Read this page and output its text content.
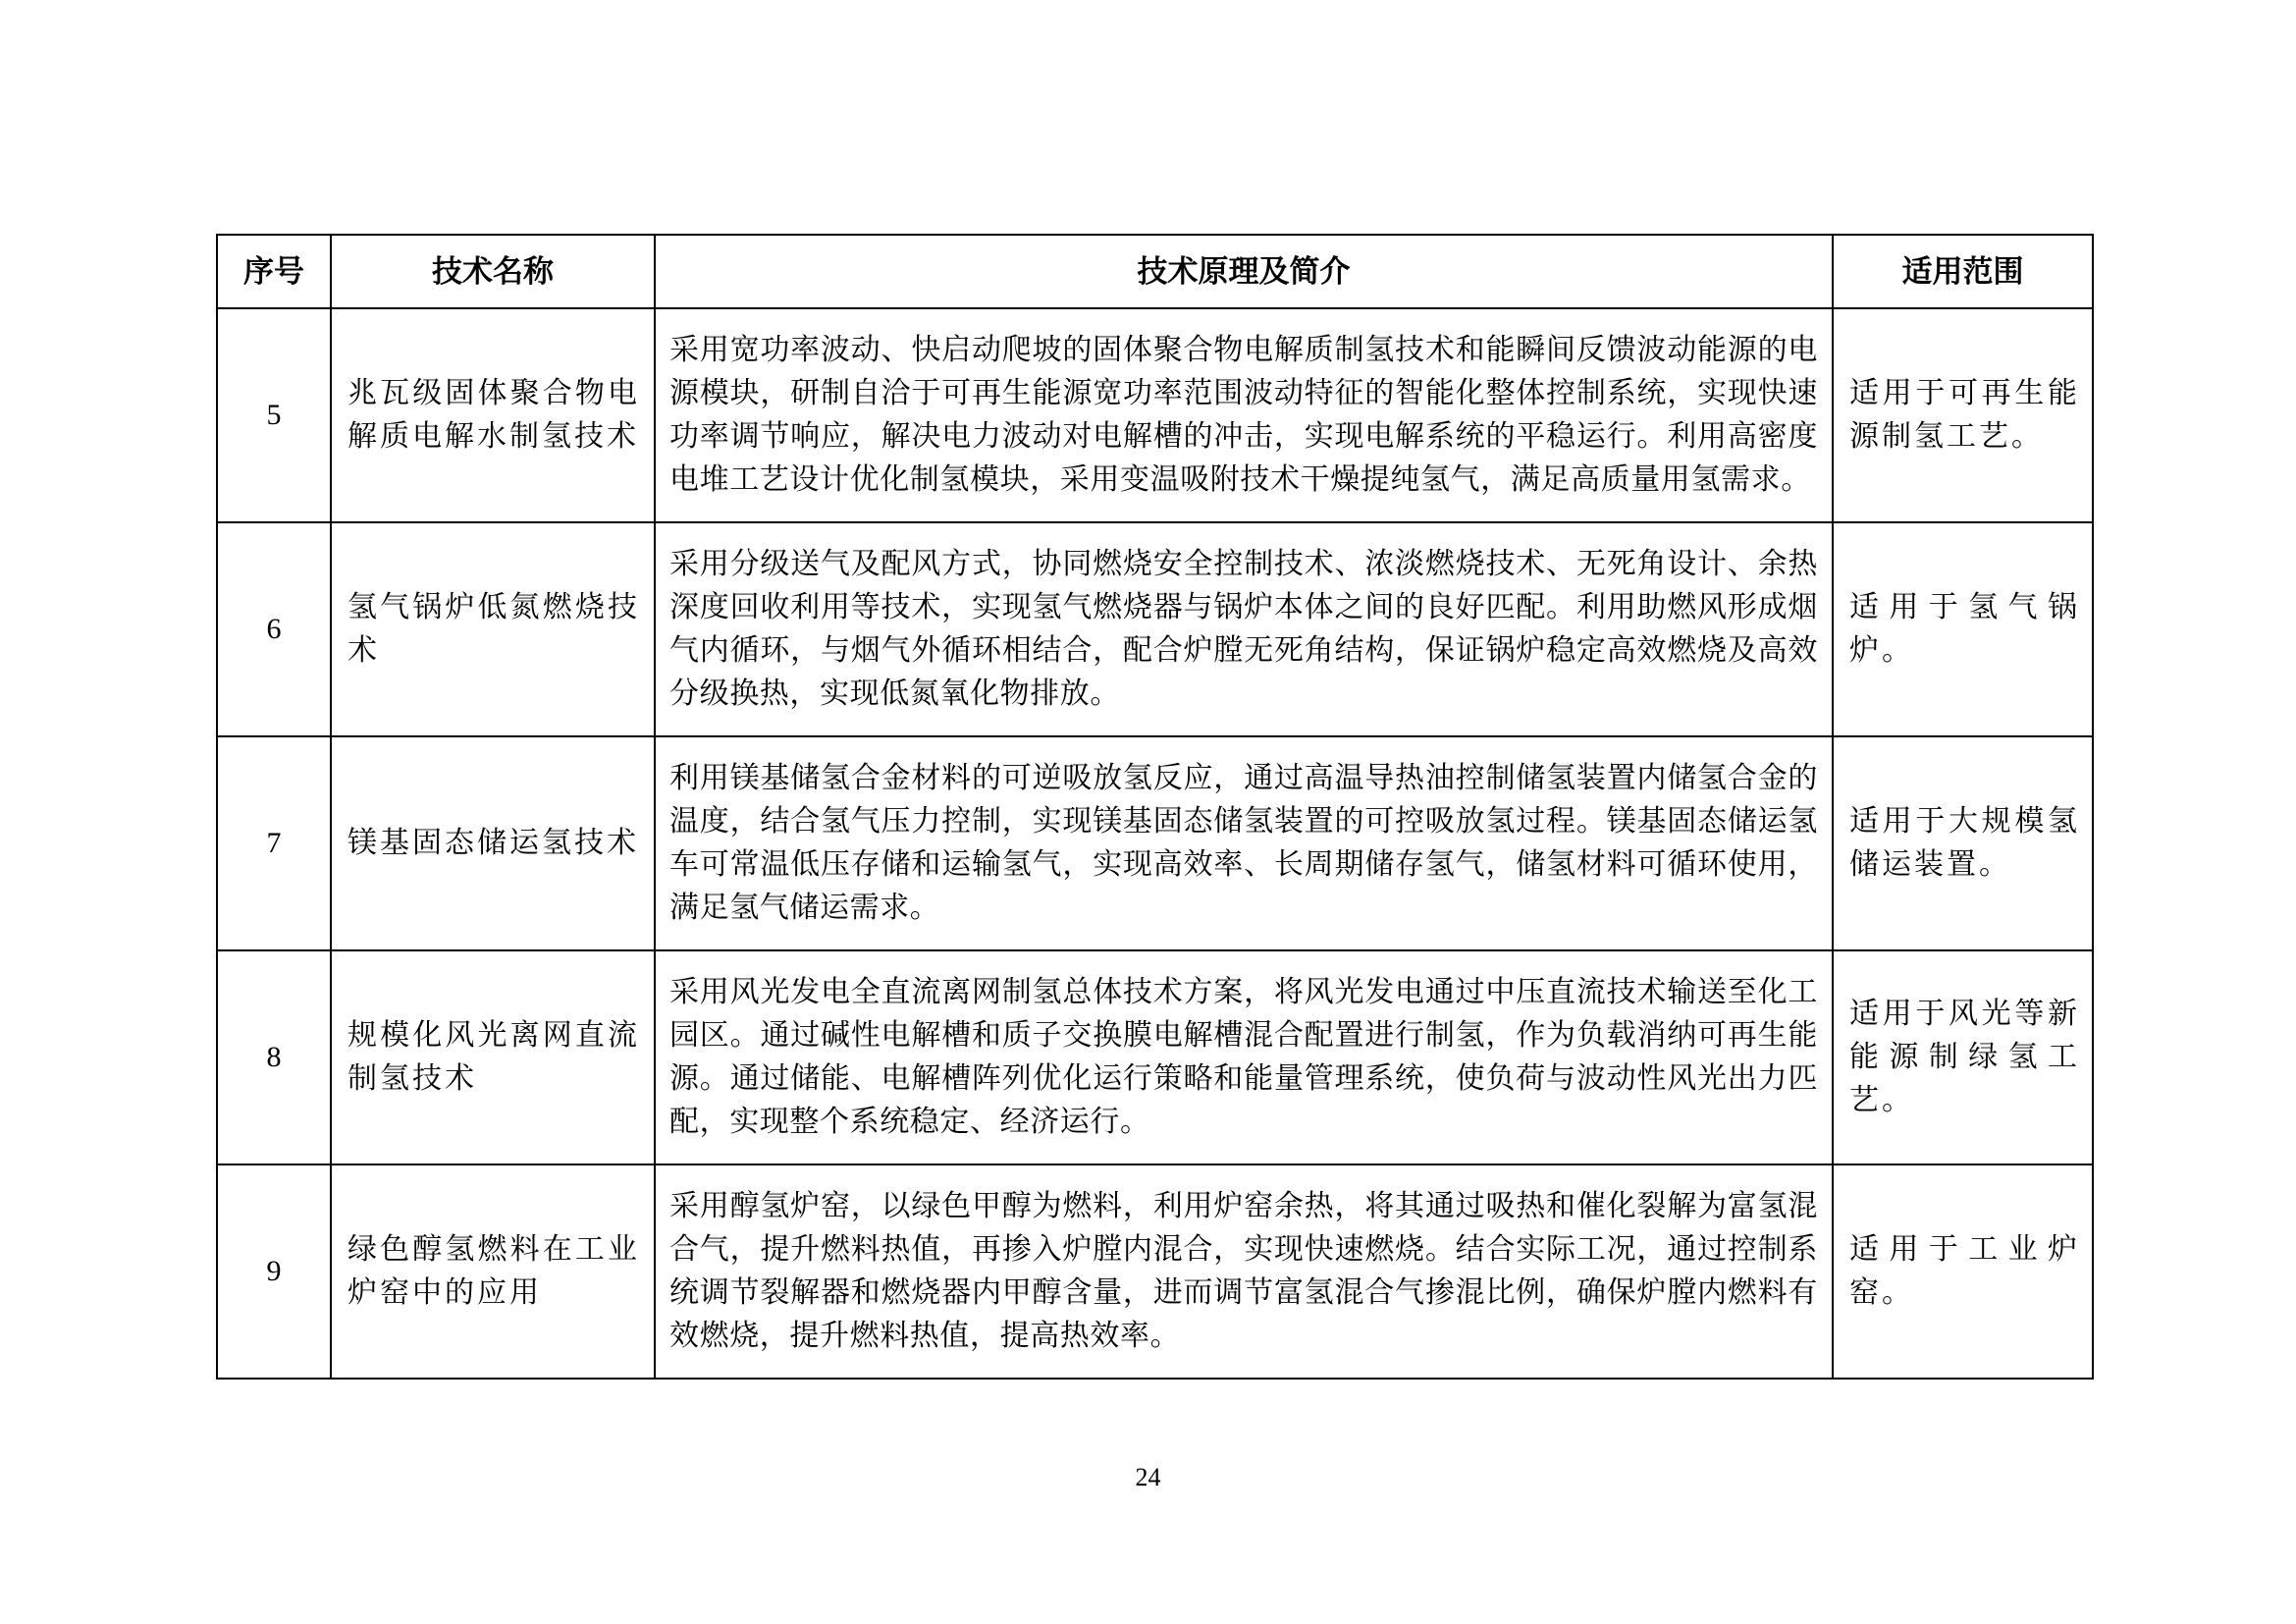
序号	技术名称	技术原理及简介	适用范围
5	兆瓦级固体聚合物电解质电解水制氢技术	采用宽功率波动、快启动爬坡的固体聚合物电解质制氢技术和能瞬间反馈波动能源的电源模块，研制自洽于可再生能源宽功率范围波动特征的智能化整体控制系统，实现快速功率调节响应，解决电力波动对电解槽的冲击，实现电解系统的平稳运行。利用高密度电堆工艺设计优化制氢模块，采用变温吸附技术干燥提纯氢气，满足高质量用氢需求。	适用于可再生能源制氢工艺。
6	氢气锅炉低氮燃烧技术	采用分级送气及配风方式，协同燃烧安全控制技术、浓淡燃烧技术、无死角设计、余热深度回收利用等技术，实现氢气燃烧器与锅炉本体之间的良好匹配。利用助燃风形成烟气内循环，与烟气外循环相结合，配合炉膛无死角结构，保证锅炉稳定高效燃烧及高效分级换热，实现低氮氧化物排放。	适用于氢气锅炉。
7	镁基固态储运氢技术	利用镁基储氢合金材料的可逆吸放氢反应，通过高温导热油控制储氢装置内储氢合金的温度，结合氢气压力控制，实现镁基固态储氢装置的可控吸放氢过程。镁基固态储运氢车可常温低压存储和运输氢气，实现高效率、长周期储存氢气，储氢材料可循环使用，满足氢气储运需求。	适用于大规模氢储运装置。
8	规模化风光离网直流制氢技术	采用风光发电全直流离网制氢总体技术方案，将风光发电通过中压直流技术输送至化工园区。通过碱性电解槽和质子交换膜电解槽混合配置进行制氢，作为负载消纳可再生能源。通过储能、电解槽阵列优化运行策略和能量管理系统，使负荷与波动性风光出力匹配，实现整个系统稳定、经济运行。	适用于风光等新能源制绿氢工艺。
9	绿色醇氢燃料在工业炉窑中的应用	采用醇氢炉窑，以绿色甲醇为燃料，利用炉窑余热，将其通过吸热和催化裂解为富氢混合气，提升燃料热值，再掺入炉膛内混合，实现快速燃烧。结合实际工况，通过控制系统调节裂解器和燃烧器内甲醇含量，进而调节富氢混合气掺混比例，确保炉膛内燃料有效燃烧，提升燃料热值，提高热效率。	适用于工业炉窑。
24
